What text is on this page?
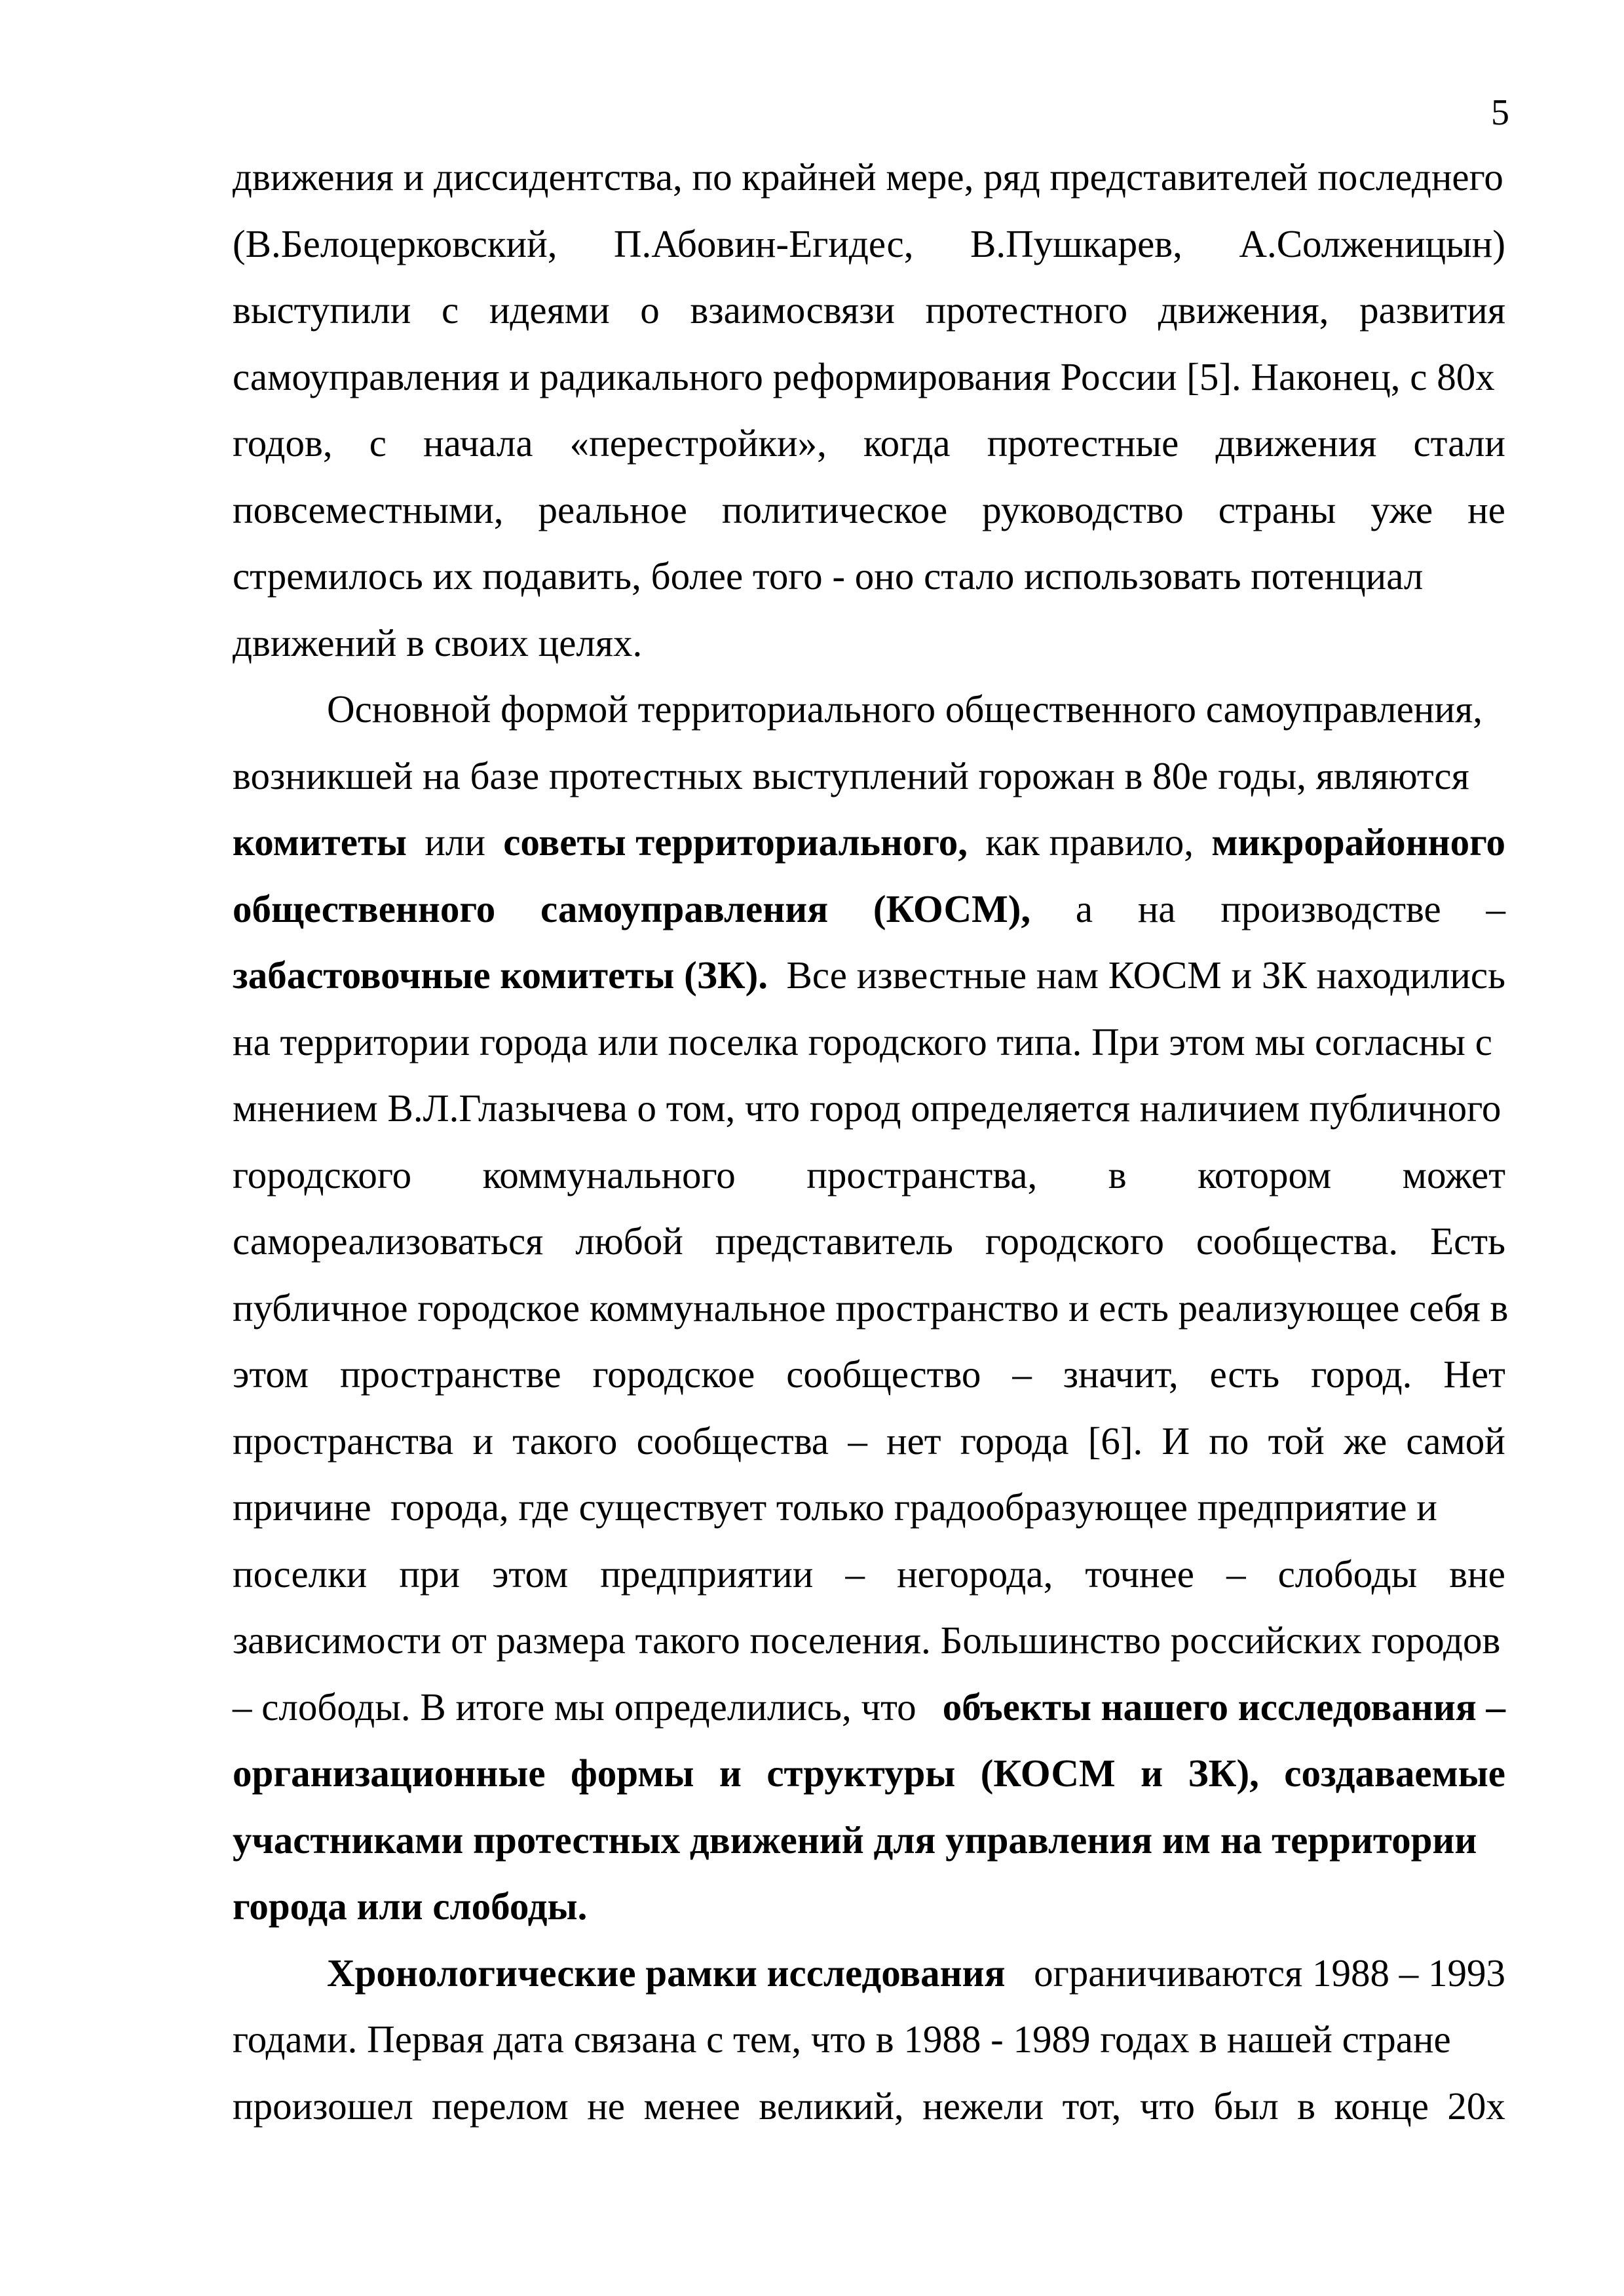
5
движения и диссидентства, по крайней мере, ряд представителей последнего
(В.Белоцерковский, П.Абовин-Егидес, В.Пушкарев, А.Солженицын)
выступили с идеями о взаимосвязи протестного движения, развития
самоуправления и радикального реформирования России [5]. Наконец, с 80х
годов, с начала «перестройки», когда протестные движения стали
повсеместными, реальное политическое руководство страны уже не
стремилось их подавить, более того - оно стало использовать потенциал
движений в своих целях.
Основной формой территориального общественного самоуправления,
возникшей на базе протестных выступлений горожан в 80е годы, являются
комитеты или советы территориального, как правило, микрорайонного
общественного самоуправления (КОСМ), а на производстве –
забастовочные комитеты (ЗК). Все известные нам КОСМ и ЗК находились
на территории города или поселка городского типа. При этом мы согласны с
мнением В.Л.Глазычева о том, что город определяется наличием публичного
городского коммунального пространства, в котором может
самореализоваться любой представитель городского сообщества. Есть
публичное городское коммунальное пространство и есть реализующее себя в
этом пространстве городское сообщество – значит, есть город. Нет
пространства и такого сообщества – нет города [6]. И по той же самой
причине  города, где существует только градообразующее предприятие и
поселки при этом предприятии – негорода, точнее – слободы вне
зависимости от размера такого поселения. Большинство российских городов
– слободы. В итоге мы определились, что объекты нашего исследования –
организационные формы и структуры (КОСМ и ЗК), создаваемые
участниками протестных движений для управления им на территории
города или слободы.
Хронологические рамки исследования ограничиваются 1988 – 1993
годами. Первая дата связана с тем, что в 1988 - 1989 годах в нашей стране
произошел перелом не менее великий, нежели тот, что был в конце 20х
